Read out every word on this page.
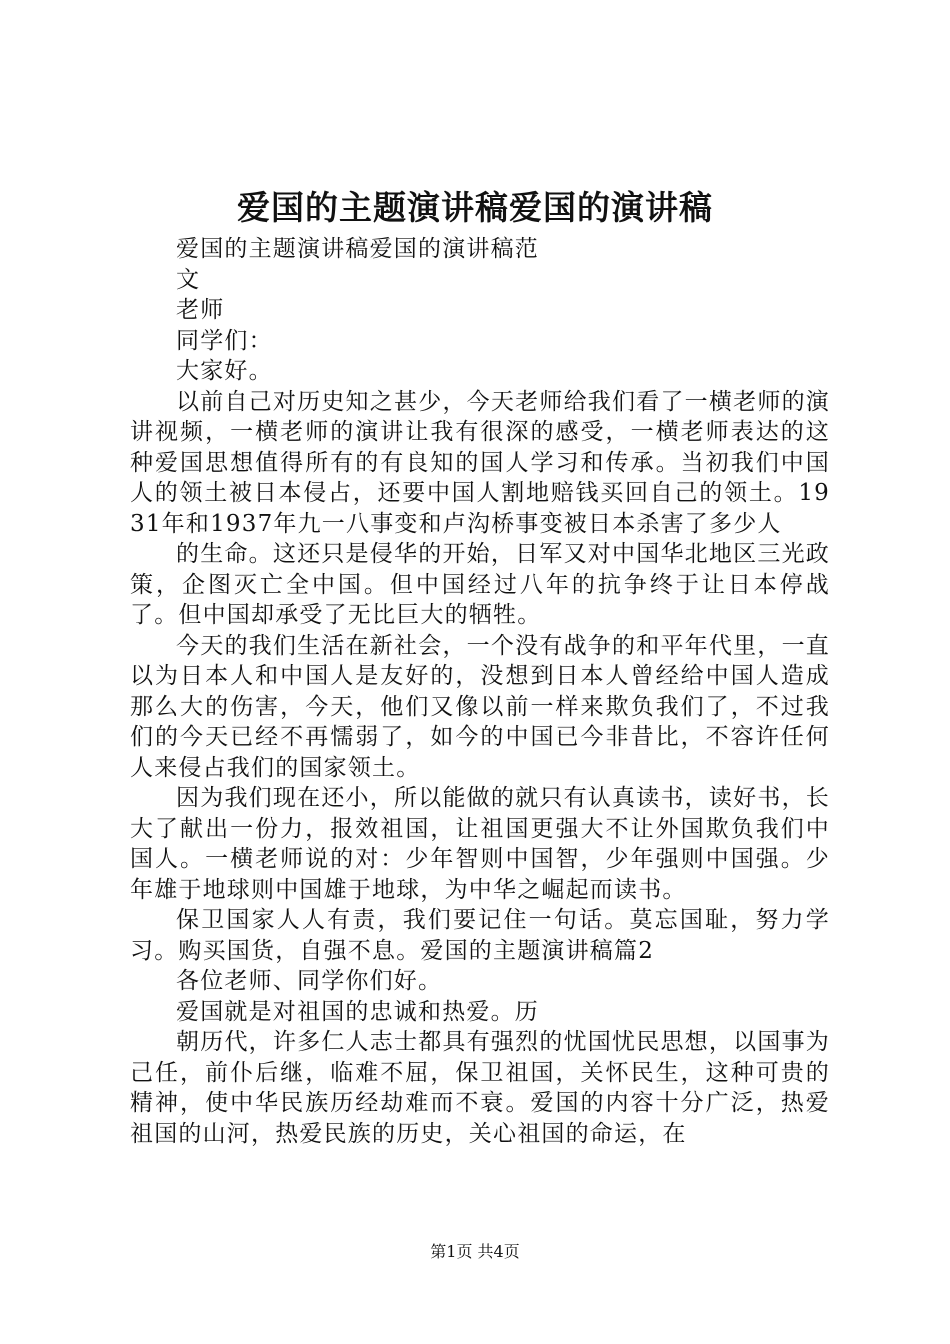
爱国的主题演讲稿爱国的演讲稿

爱国的主题演讲稿爱国的演讲稿范

文

老师

同学们：

大家好。

以前自己对历史知之甚少，今天老师给我们看了一横老师的演讲视频，一横老师的演讲让我有很深的感受，一横老师表达的这种爱国思想值得所有的有良知的国人学习和传承。当初我们中国人的领土被日本侵占，还要中国人割地赔钱买回自己的领土。1931年和1937年九一八事变和卢沟桥事变被日本杀害了多少人

的生命。这还只是侵华的开始，日军又对中国华北地区三光政策，企图灭亡全中国。但中国经过八年的抗争终于让日本停战了。但中国却承受了无比巨大的牺牲。

今天的我们生活在新社会，一个没有战争的和平年代里，一直以为日本人和中国人是友好的，没想到日本人曾经给中国人造成那么大的伤害，今天，他们又像以前一样来欺负我们了，不过我们的今天已经不再懦弱了，如今的中国已今非昔比，不容许任何人来侵占我们的国家领土。

因为我们现在还小，所以能做的就只有认真读书，读好书，长大了献出一份力，报效祖国，让祖国更强大不让外国欺负我们中国人。一横老师说的对：少年智则中国智，少年强则中国强。少年雄于地球则中国雄于地球，为中华之崛起而读书。

保卫国家人人有责，我们要记住一句话。莫忘国耻，努力学习。购买国货，自强不息。爱国的主题演讲稿篇2

各位老师、同学你们好。

爱国就是对祖国的忠诚和热爱。历

朝历代，许多仁人志士都具有强烈的忧国忧民思想，以国事为己任，前仆后继，临难不屈，保卫祖国，关怀民生，这种可贵的精神，使中华民族历经劫难而不衰。爱国的内容十分广泛，热爱祖国的山河，热爱民族的历史，关心祖国的命运，在

第1页 共4页
